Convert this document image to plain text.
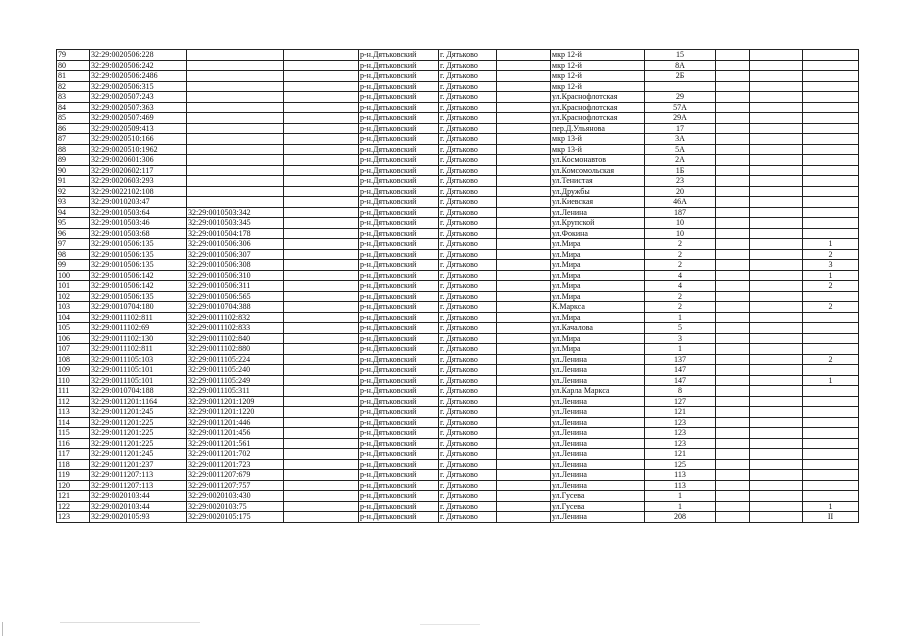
79	32:29:0020506:228			р-н.Дятьковский	г. Дятьково		мкр 12-й	15			
80	32:29:0020506:242			р-н.Дятьковский	г. Дятьково		мкр 12-й	8А			
81	32:29:0020506:2486			р-н.Дятьковский	г. Дятьково		мкр 12-й	2Б			
82	32:29:0020506:315			р-н.Дятьковский	г. Дятьково		мкр 12-й				
83	32:29:0020507:243			р-н.Дятьковский	г. Дятьково		ул.Краснофлотская	29			
84	32:29:0020507:363			р-н.Дятьковский	г. Дятьково		ул.Краснофлотская	57А			
85	32:29:0020507:469			р-н.Дятьковский	г. Дятьково		ул.Краснофлотская	29А			
86	32:29:0020509:413			р-н.Дятьковский	г. Дятьково		пер.Д.Ульянова	17			
87	32:29:0020510:166			р-н.Дятьковский	г. Дятьково		мкр 13-й	3А			
88	32:29:0020510:1962			р-н.Дятьковский	г. Дятьково		мкр 13-й	5А			
89	32:29:0020601:306			р-н.Дятьковский	г. Дятьково		ул.Космонавтов	2А			
90	32:29:0020602:117			р-н.Дятьковский	г. Дятьково		ул.Комсомольская	1Б			
91	32:29:0020603:293			р-н.Дятьковский	г. Дятьково		ул.Тенистая	23			
92	32:29:0022102:108			р-н.Дятьковский	г. Дятьково		ул.Дружбы	20			
93	32:29:0010203:47			р-н.Дятьковский	г. Дятьково		ул.Киевская	46А			
94	32:29:0010503:64	32:29:0010503:342		р-н.Дятьковский	г. Дятьково		ул.Ленина	187			
95	32:29:0010503:46	32:29:0010503:345		р-н.Дятьковский	г. Дятьково		ул.Крупской	10			
96	32:29:0010503:68	32:29:0010504:178		р-н.Дятьковский	г. Дятьково		ул.Фокина	10			
97	32:29:0010506:135	32:29:0010506:306		р-н.Дятьковский	г. Дятьково		ул.Мира	2			1
98	32:29:0010506:135	32:29:0010506:307		р-н.Дятьковский	г. Дятьково		ул.Мира	2			2
99	32:29:0010506:135	32:29:0010506:308		р-н.Дятьковский	г. Дятьково		ул.Мира	2			3
100	32:29:0010506:142	32:29:0010506:310		р-н.Дятьковский	г. Дятьково		ул.Мира	4			1
101	32:29:0010506:142	32:29:0010506:311		р-н.Дятьковский	г. Дятьково		ул.Мира	4			2
102	32:29:0010506:135	32:29:0010506:565		р-н.Дятьковский	г. Дятьково		ул.Мира	2			
103	32:29:0010704:180	32:29:0010704:388		р-н.Дятьковский	г. Дятьково		К.Маркса	2			2
104	32:29:0011102:811	32:29:0011102:832		р-н.Дятьковский	г. Дятьково		ул.Мира	1			
105	32:29:0011102:69	32:29:0011102:833		р-н.Дятьковский	г. Дятьково		ул.Качалова	5			
106	32:29:0011102:130	32:29:0011102:840		р-н.Дятьковский	г. Дятьково		ул.Мира	3			
107	32:29:0011102:811	32:29:0011102:880		р-н.Дятьковский	г. Дятьково		ул.Мира	1			
108	32:29:0011105:103	32:29:0011105:224		р-н.Дятьковский	г. Дятьково		ул.Ленина	137			2
109	32:29:0011105:101	32:29:0011105:240		р-н.Дятьковский	г. Дятьково		ул.Ленина	147			
110	32:29:0011105:101	32:29:0011105:249		р-н.Дятьковский	г. Дятьково		ул.Ленина	147			1
111	32:29:0010704:188	32:29:0011105:311		р-н.Дятьковский	г. Дятьково		ул.Карла Маркса	8			
112	32:29:0011201:1164	32:29:0011201:1209		р-н.Дятьковский	г. Дятьково		ул.Ленина	127			
113	32:29:0011201:245	32:29:0011201:1220		р-н.Дятьковский	г. Дятьково		ул.Ленина	121			
114	32:29:0011201:225	32:29:0011201:446		р-н.Дятьковский	г. Дятьково		ул.Ленина	123			
115	32:29:0011201:225	32:29:0011201:456		р-н.Дятьковский	г. Дятьково		ул.Ленина	123			
116	32:29:0011201:225	32:29:0011201:561		р-н.Дятьковский	г. Дятьково		ул.Ленина	123			
117	32:29:0011201:245	32:29:0011201:702		р-н.Дятьковский	г. Дятьково		ул.Ленина	121			
118	32:29:0011201:237	32:29:0011201:723		р-н.Дятьковский	г. Дятьково		ул.Ленина	125			
119	32:29:0011207:113	32:29:0011207:679		р-н.Дятьковский	г. Дятьково		ул.Ленина	113			
120	32:29:0011207:113	32:29:0011207:757		р-н.Дятьковский	г. Дятьково		ул.Ленина	113			
121	32:29:0020103:44	32:29:0020103:430		р-н.Дятьковский	г. Дятьково		ул.Гусева	1			
122	32:29:0020103:44	32:29:0020103:75		р-н.Дятьковский	г. Дятьково		ул.Гусева	1			1
123	32:29:0020105:93	32:29:0020105:175		р-н.Дятьковский	г. Дятьково		ул.Ленина	208			II
